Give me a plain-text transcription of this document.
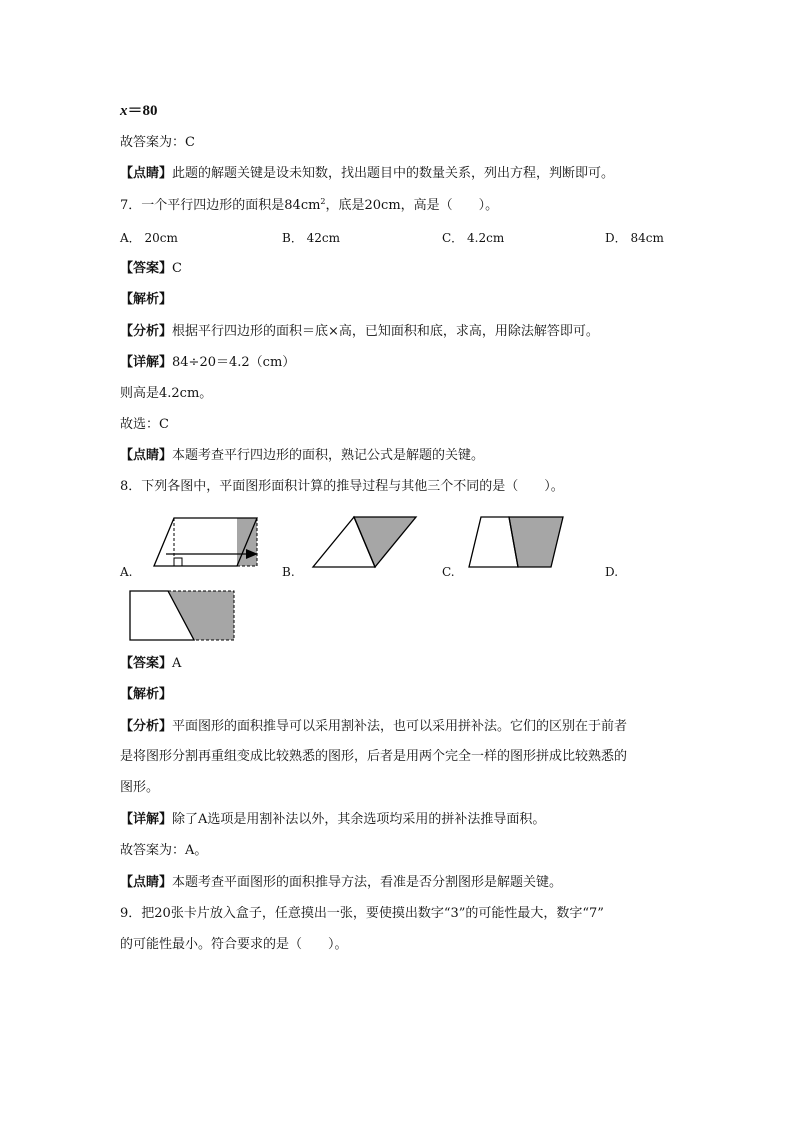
x＝80
故答案为：C
【点睛】此题的解题关键是设未知数，找出题目中的数量关系，列出方程，判断即可。
7．一个平行四边形的面积是$84cm^2$，底是20cm，高是（　　）。
A． 20cm	B． 42cm	C． 4.2cm	D． 84cm
【答案】C
【解析】
【分析】根据平行四边形的面积＝底×高，已知面积和底，求高，用除法解答即可。
【详解】84÷20＝4.2（cm）
则高是4.2cm。
故选：C
【点睛】本题考查平行四边形的面积，熟记公式是解题的关键。
8．下列各图中，平面图形面积计算的推导过程与其他三个不同的是（　　）。
A.	B.	C.	D.
【答案】A
【解析】
【分析】平面图形的面积推导可以采用割补法，也可以采用拼补法。它们的区别在于前者
是将图形分割再重组变成比较熟悉的图形，后者是用两个完全一样的图形拼成比较熟悉的
图形。
【详解】除了A选项是用割补法以外，其余选项均采用的拼补法推导面积。
故答案为：A。
【点睛】本题考查平面图形的面积推导方法，看准是否分割图形是解题关键。
9．把20张卡片放入盒子，任意摸出一张，要使摸出数字“3”的可能性最大，数字“7”
的可能性最小。符合要求的是（　　）。
